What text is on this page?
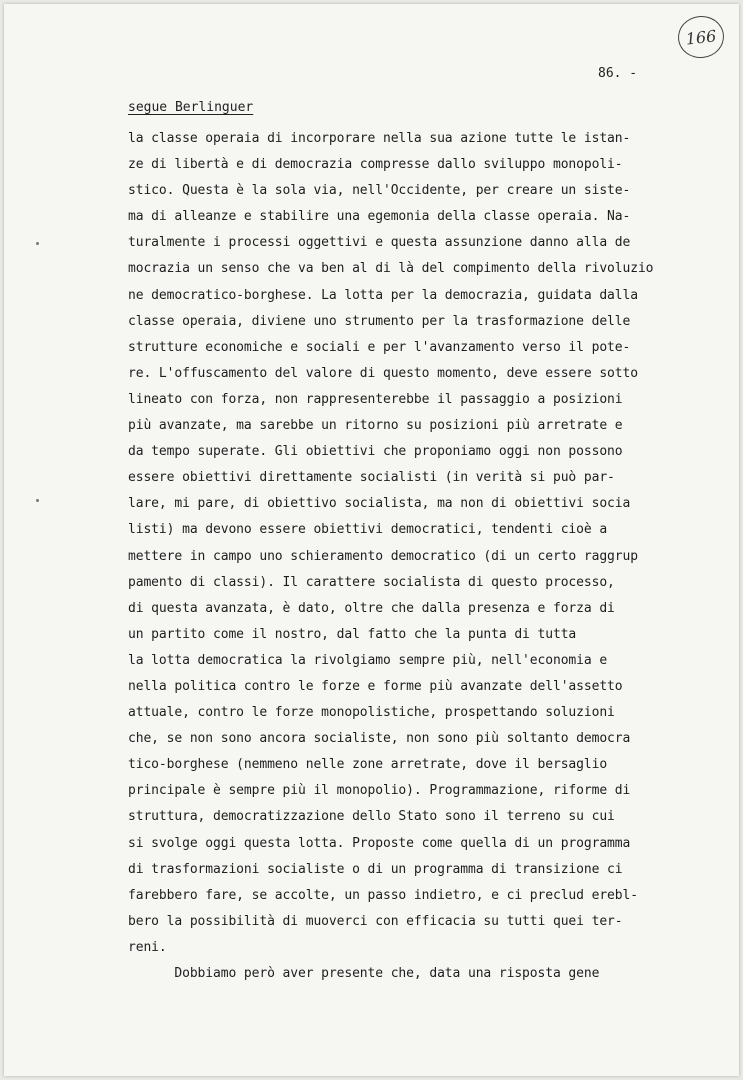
166
86. -
segue Berlinguer
la classe operaia di incorporare nella sua azione tutte le istan-
ze di libertà e di democrazia compresse dallo sviluppo monopoli-
stico. Questa è la sola via, nell'Occidente, per creare un siste-
ma di alleanze e stabilire una egemonia della classe operaia. Na-
turalmente i processi oggettivi e questa assunzione danno alla de
mocrazia un senso che va ben al di là del compimento della rivoluzio
ne democratico-borghese. La lotta per la democrazia, guidata dalla
classe operaia, diviene uno strumento per la trasformazione delle
strutture economiche e sociali e per l'avanzamento verso il pote-
re. L'offuscamento del valore di questo momento, deve essere sotto
lineato con forza, non rappresenterebbe il passaggio a posizioni
più avanzate, ma sarebbe un ritorno su posizioni più arretrate e
da tempo superate. Gli obiettivi che proponiamo oggi non possono
essere obiettivi direttamente socialisti (in verità si può par-
lare, mi pare, di obiettivo socialista, ma non di obiettivi socia
listi) ma devono essere obiettivi democratici, tendenti cioè a
mettere in campo uno schieramento democratico (di un certo raggrup
pamento di classi). Il carattere socialista di questo processo,
di questa avanzata, è dato, oltre che dalla presenza e forza di
un partito come il nostro, dal fatto che la punta di tutta
la lotta democratica la rivolgiamo sempre più, nell'economia e
nella politica contro le forze e forme più avanzate dell'assetto
attuale, contro le forze monopolistiche, prospettando soluzioni
che, se non sono ancora socialiste, non sono più soltanto democra
tico-borghese (nemmeno nelle zone arretrate, dove il bersaglio
principale è sempre più il monopolio). Programmazione, riforme di
struttura, democratizzazione dello Stato sono il terreno su cui
si svolge oggi questa lotta. Proposte come quella di un programma
di trasformazioni socialiste o di un programma di transizione ci
farebbero fare, se accolte, un passo indietro, e ci preclud erebl-
bero la possibilità di muoverci con efficacia su tutti quei ter-
reni.
Dobbiamo però aver presente che, data una risposta gene
